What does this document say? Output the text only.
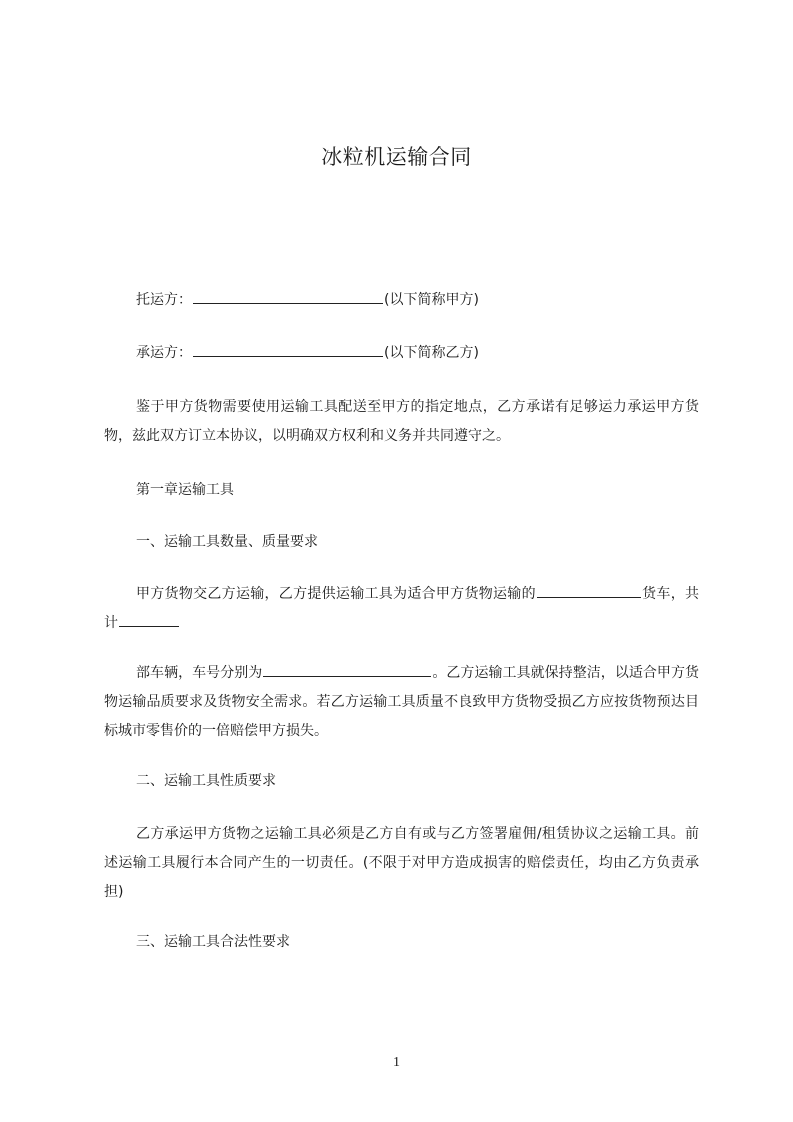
冰粒机运输合同

托运方：	(以下简称甲方)

承运方：	(以下简称乙方)

鉴于甲方货物需要使用运输工具配送至甲方的指定地点，乙方承诺有足够运力承运甲方货物，兹此双方订立本协议，以明确双方权利和义务并共同遵守之。

第一章运输工具

一、运输工具数量、质量要求

甲方货物交乙方运输，乙方提供运输工具为适合甲方货物运输的	货车，共计

部车辆，车号分别为	。乙方运输工具就保持整洁，以适合甲方货物运输品质要求及货物安全需求。若乙方运输工具质量不良致甲方货物受损乙方应按货物预达目标城市零售价的一倍赔偿甲方损失。

二、运输工具性质要求

乙方承运甲方货物之运输工具必须是乙方自有或与乙方签署雇佣/租赁协议之运输工具。前述运输工具履行本合同产生的一切责任。(不限于对甲方造成损害的赔偿责任，均由乙方负责承担)

三、运输工具合法性要求

1
